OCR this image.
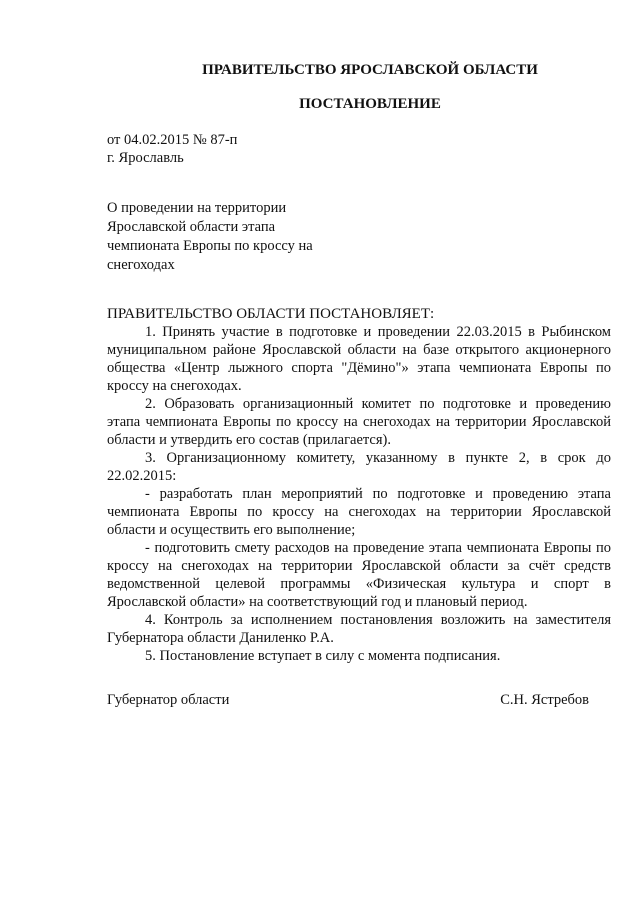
ПРАВИТЕЛЬСТВО ЯРОСЛАВСКОЙ ОБЛАСТИ
ПОСТАНОВЛЕНИЕ
от 04.02.2015 № 87-п
г. Ярославль
О проведении на территории
Ярославской области этапа
чемпионата Европы по кроссу на
снегоходах

ПРАВИТЕЛЬСТВО ОБЛАСТИ ПОСТАНОВЛЯЕТ:

1. Принять участие в подготовке и проведении 22.03.2015 в Рыбинском муниципальном районе Ярославской области на базе открытого акционерного общества «Центр лыжного спорта "Дёмино"» этапа чемпионата Европы по кроссу на снегоходах.

2. Образовать организационный комитет по подготовке и проведению этапа чемпионата Европы по кроссу на снегоходах на территории Ярославской области и утвердить его состав (прилагается).

3. Организационному комитету, указанному в пункте 2, в срок до 22.02.2015:

- разработать план мероприятий по подготовке и проведению этапа чемпионата Европы по кроссу на снегоходах на территории Ярославской области и осуществить его выполнение;

- подготовить смету расходов на проведение этапа чемпионата Европы по кроссу на снегоходах на территории Ярославской области за счёт средств ведомственной целевой программы «Физическая культура и спорт в Ярославской области» на соответствующий год и плановый период.

4. Контроль за исполнением постановления возложить на заместителя Губернатора области Даниленко Р.А.

5. Постановление вступает в силу с момента подписания.

Губернатор области	С.Н. Ястребов
